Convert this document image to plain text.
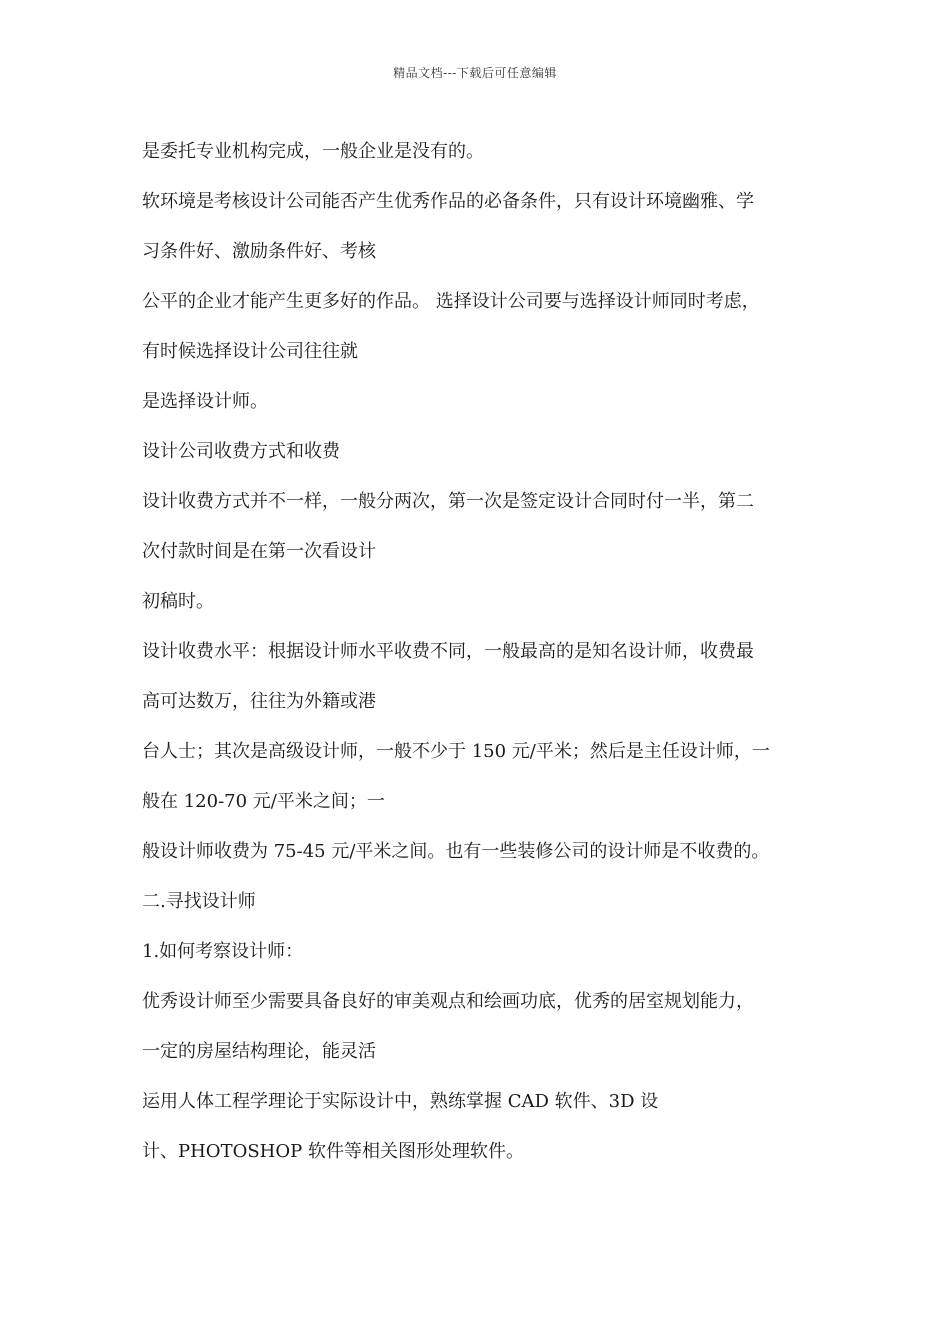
精品文档---下载后可任意编辑
是委托专业机构完成，一般企业是没有的。
软环境是考核设计公司能否产生优秀作品的必备条件，只有设计环境幽雅、学
习条件好、激励条件好、考核
公平的企业才能产生更多好的作品。 选择设计公司要与选择设计师同时考虑，
有时候选择设计公司往往就
是选择设计师。
设计公司收费方式和收费
设计收费方式并不一样，一般分两次，第一次是签定设计合同时付一半，第二
次付款时间是在第一次看设计
初稿时。
设计收费水平：根据设计师水平收费不同，一般最高的是知名设计师，收费最
高可达数万，往往为外籍或港
台人士；其次是高级设计师，一般不少于 150 元/平米；然后是主任设计师，一
般在 120-70 元/平米之间；一
般设计师收费为 75-45 元/平米之间。也有一些装修公司的设计师是不收费的。
二.寻找设计师
1.如何考察设计师：
优秀设计师至少需要具备良好的审美观点和绘画功底，优秀的居室规划能力，
一定的房屋结构理论，能灵活
运用人体工程学理论于实际设计中，熟练掌握 CAD 软件、3D 设
计、PHOTOSHOP 软件等相关图形处理软件。
